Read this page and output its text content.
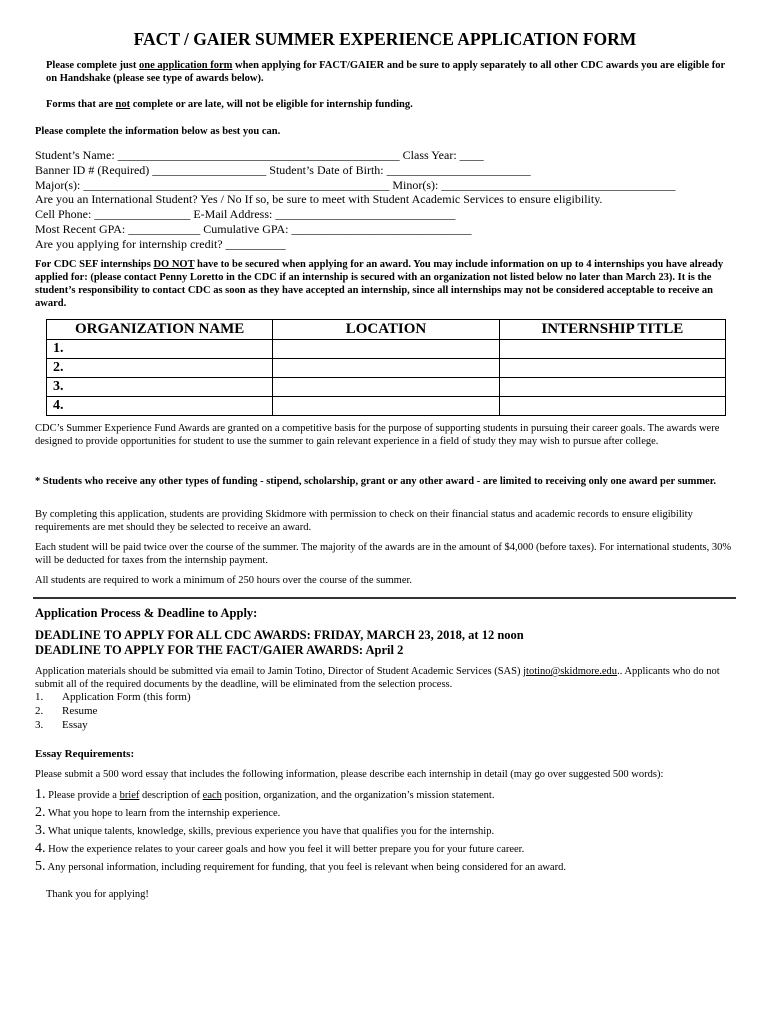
FACT / GAIER SUMMER EXPERIENCE APPLICATION FORM
Please complete just one application form when applying for FACT/GAIER and be sure to apply separately to all other CDC awards you are eligible for on Handshake (please see type of awards below).
Forms that are not complete or are late, will not be eligible for internship funding.
Please complete the information below as best you can.
Student’s Name: _______________________________________________ Class Year: ____
Banner ID # (Required) ___________________ Student’s Date of Birth: ________________________
Major(s): ___________________________________________________ Minor(s): _______________________________________
Are you an International Student? Yes / No If so, be sure to meet with Student Academic Services to ensure eligibility.
Cell Phone: ________________ E-Mail Address: ______________________________
Most Recent GPA: ____________ Cumulative GPA: ______________________________
Are you applying for internship credit? __________
For CDC SEF internships DO NOT have to be secured when applying for an award. You may include information on up to 4 internships you have already applied for: (please contact Penny Loretto in the CDC if an internship is secured with an organization not listed below no later than March 23). It is the student’s responsibility to contact CDC as soon as they have accepted an internship, since all internships may not be considered acceptable to receive an award.
ORGANIZATION NAME	LOCATION	INTERNSHIP TITLE
1.		
2.		
3.		
4.		
CDC’s Summer Experience Fund Awards are granted on a competitive basis for the purpose of supporting students in pursuing their career goals. The awards were designed to provide opportunities for student to use the summer to gain relevant experience in a field of study they may wish to pursue after college.
* Students who receive any other types of funding - stipend, scholarship, grant or any other award - are limited to receiving only one award per summer.
By completing this application, students are providing Skidmore with permission to check on their financial status and academic records to ensure eligibility requirements are met should they be selected to receive an award.
Each student will be paid twice over the course of the summer. The majority of the awards are in the amount of $4,000 (before taxes). For international students, 30% will be deducted for taxes from the internship payment.
All students are required to work a minimum of 250 hours over the course of the summer.
Application Process & Deadline to Apply:
DEADLINE TO APPLY FOR ALL CDC AWARDS: FRIDAY, MARCH 23, 2018, at 12 noon
DEADLINE TO APPLY FOR THE FACT/GAIER AWARDS: April 2
Application materials should be submitted via email to Jamin Totino, Director of Student Academic Services (SAS) jtotino@skidmore.edu.. Applicants who do not submit all of the required documents by the deadline, will be eliminated from the selection process.
1. Application Form (this form)
2. Resume
3. Essay
Essay Requirements:
Please submit a 500 word essay that includes the following information, please describe each internship in detail (may go over suggested 500 words):
1. Please provide a brief description of each position, organization, and the organization’s mission statement.
2. What you hope to learn from the internship experience.
3. What unique talents, knowledge, skills, previous experience you have that qualifies you for the internship.
4. How the experience relates to your career goals and how you feel it will better prepare you for your future career.
5. Any personal information, including requirement for funding, that you feel is relevant when being considered for an award.
Thank you for applying!
